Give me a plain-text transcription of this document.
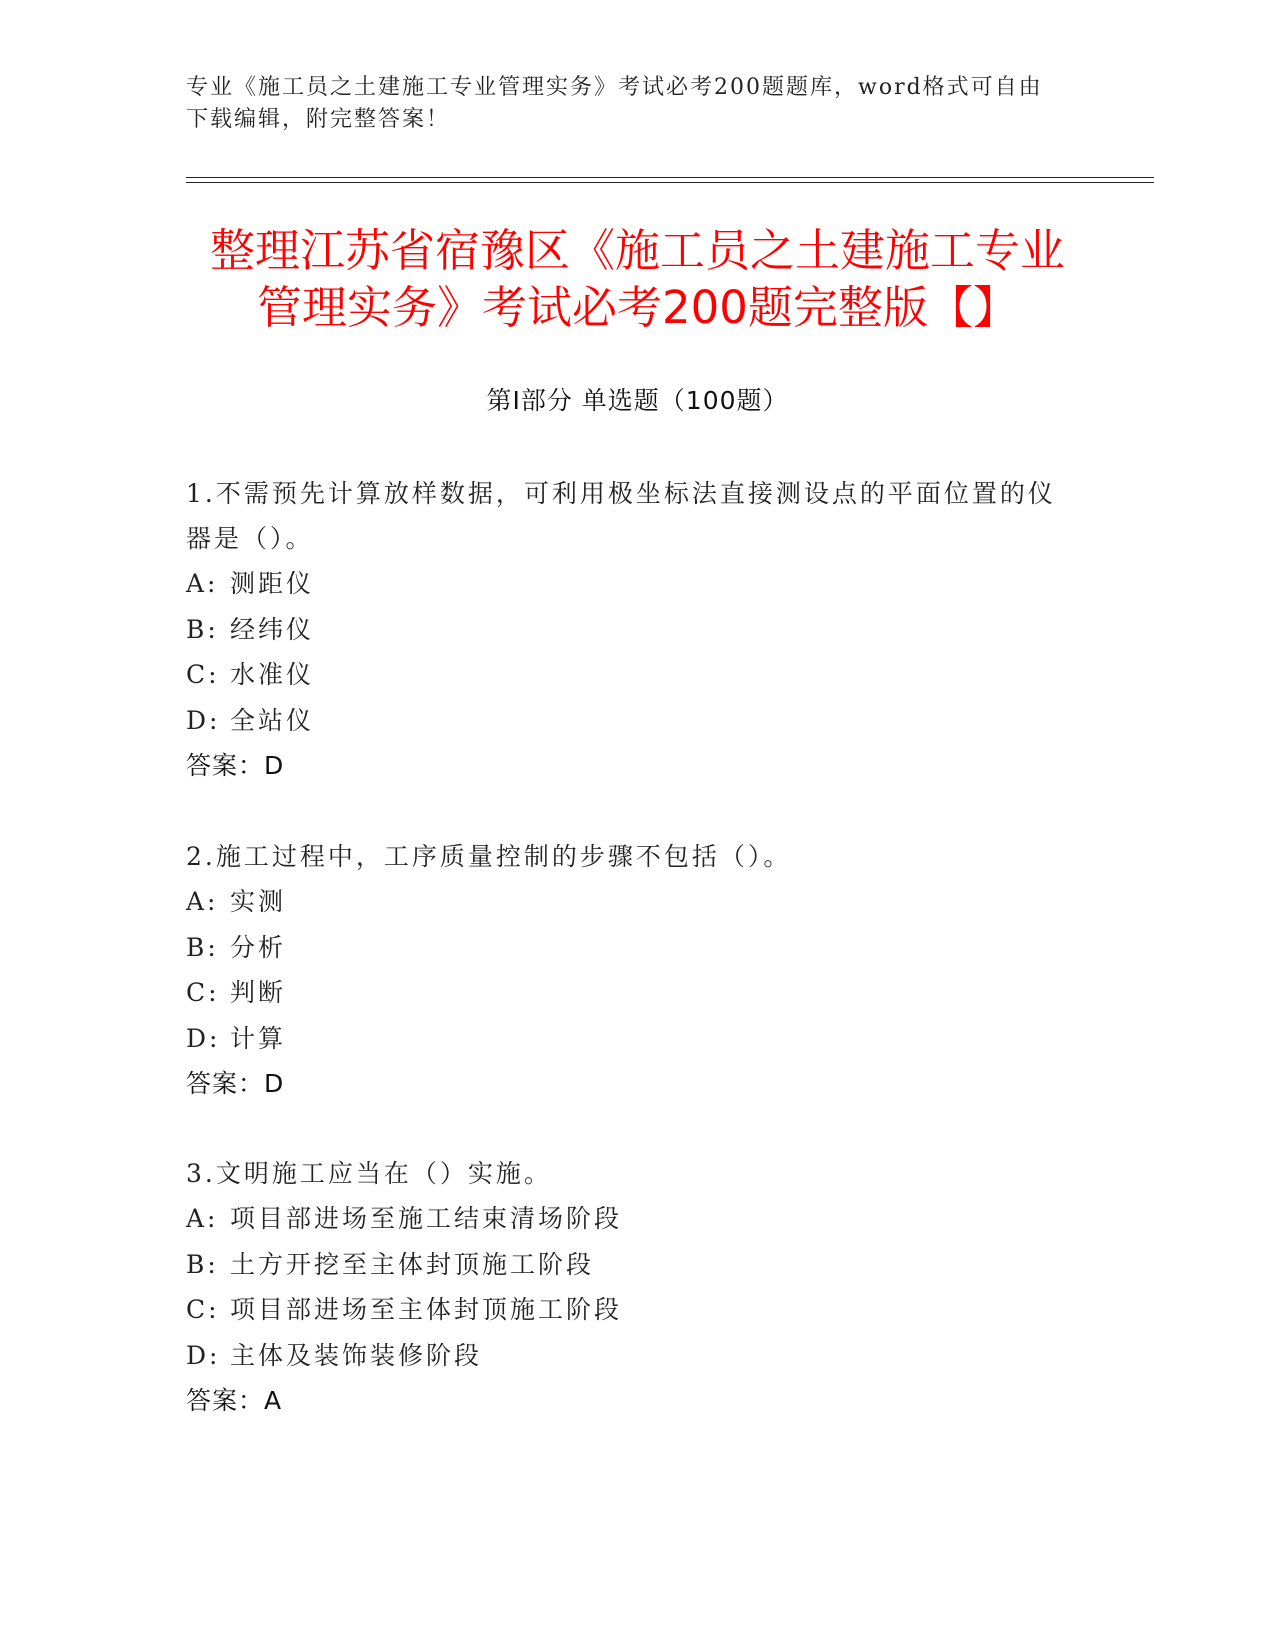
专业《施工员之土建施工专业管理实务》考试必考200题题库，word格式可自由下载编辑，附完整答案！
整理江苏省宿豫区《施工员之土建施工专业
管理实务》考试必考200题完整版【】
第I部分 单选题（100题）

1.不需预先计算放样数据，可利用极坐标法直接测设点的平面位置的仪器是（）。

A: 测距仪

B: 经纬仪

C: 水准仪

D: 全站仪

答案：D

2.施工过程中，工序质量控制的步骤不包括（）。

A: 实测

B: 分析

C: 判断

D: 计算

答案：D

3.文明施工应当在（）实施。

A: 项目部进场至施工结束清场阶段

B: 土方开挖至主体封顶施工阶段

C: 项目部进场至主体封顶施工阶段

D: 主体及装饰装修阶段

答案：A
